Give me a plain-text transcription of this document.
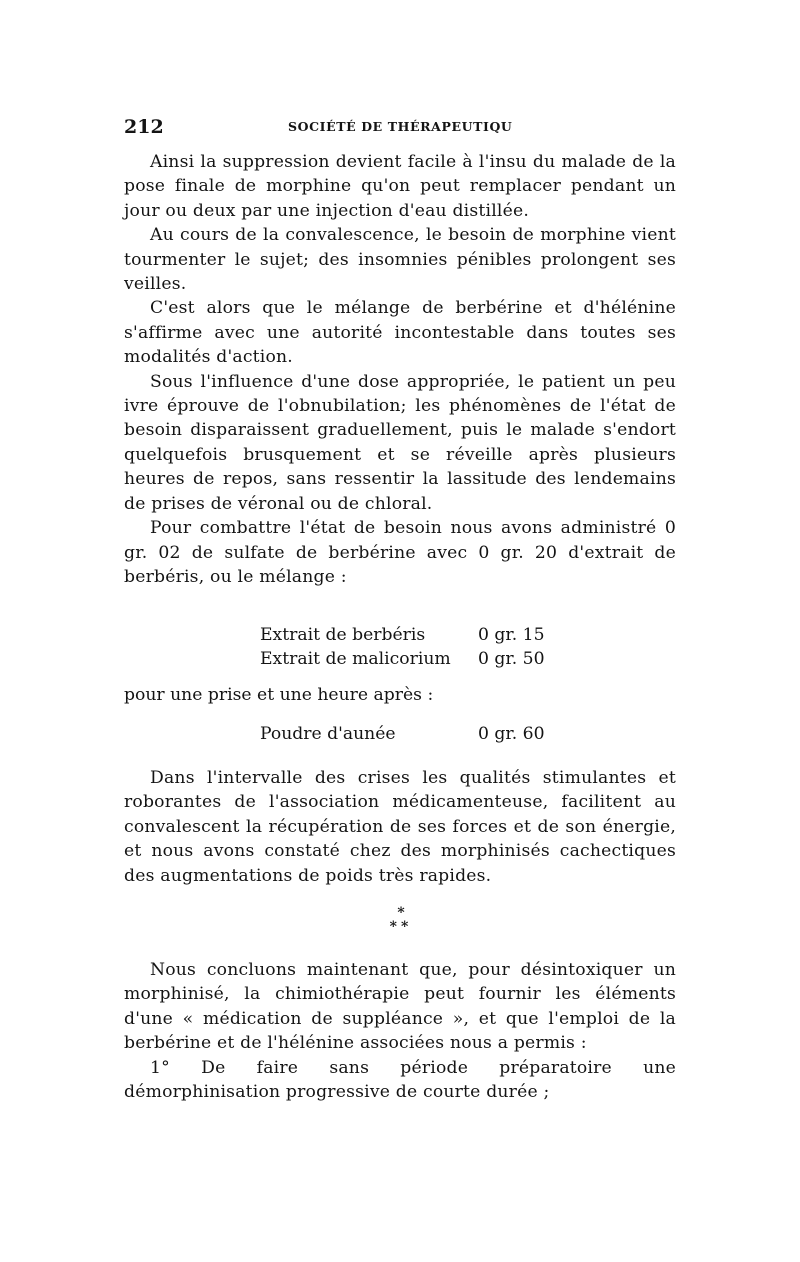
212	SOCIÉTÉ DE THÉRAPEUTIQU

Ainsi la suppression devient facile à l'insu du malade de la pose finale de morphine qu'on peut remplacer pendant un jour ou deux par une injection d'eau distillée.

Au cours de la convalescence, le besoin de morphine vient tourmenter le sujet; des insomnies pénibles prolongent ses veilles.

C'est alors que le mélange de berbérine et d'hélénine s'affirme avec une autorité incontestable dans toutes ses modalités d'action.

Sous l'influence d'une dose appropriée, le patient un peu ivre éprouve de l'obnubilation; les phénomènes de l'état de besoin disparaissent graduellement, puis le malade s'endort quelquefois brusquement et se réveille après plusieurs heures de repos, sans ressentir la lassitude des lendemains de prises de véronal ou de chloral.

Pour combattre l'état de besoin nous avons administré 0 gr. 02 de sulfate de berbérine avec 0 gr. 20 d'extrait de berbéris, ou le mélange :

Extrait de berbéris	0 gr. 15
Extrait de malicorium 0 gr. 50
pour une prise et une heure après :
Poudre d'aunée	0 gr. 60

Dans l'intervalle des crises les qualités stimulantes et roborantes de l'association médicamenteuse, facilitent au convalescent la récupération de ses forces et de son énergie, et nous avons constaté chez des morphinisés cachectiques des augmentations de poids très rapides.

*
**

Nous concluons maintenant que, pour désintoxiquer un morphinisé, la chimiothérapie peut fournir les éléments d'une « médication de suppléance », et que l'emploi de la berbérine et de l'hélénine associées nous a permis :

1° De faire sans période préparatoire une démorphinisation progressive de courte durée ;
